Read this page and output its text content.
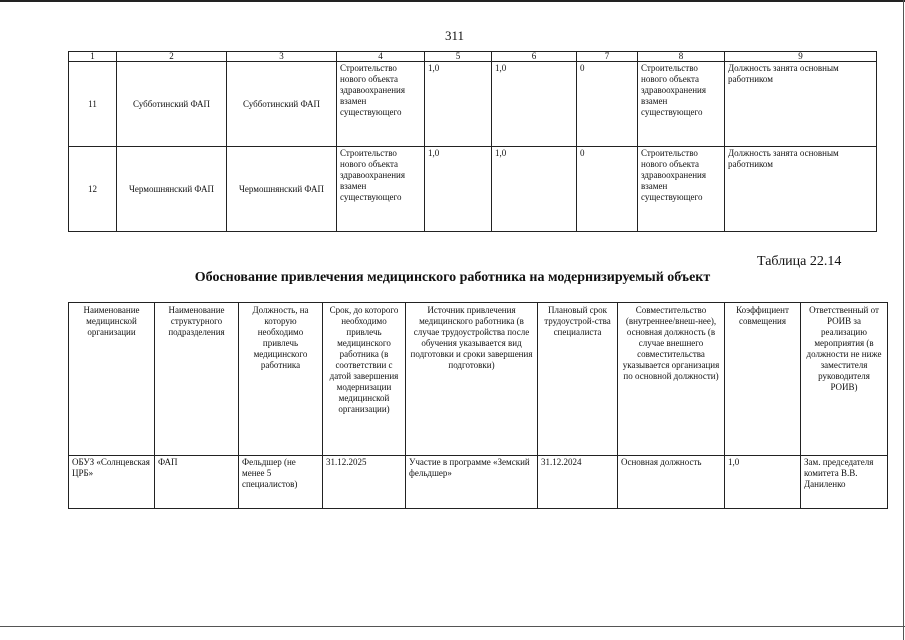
311
1	2	3	4	5	6	7	8	9
11	Субботинский ФАП	Субботинский ФАП	Строительство нового объекта здравоохранения взамен существующего	1,0	1,0	0	Строительство нового объекта здравоохранения взамен существующего	Должность занята основным работником
12	Чермошнянский ФАП	Чермошнянский ФАП	Строительство нового объекта здравоохранения взамен существующего	1,0	1,0	0	Строительство нового объекта здравоохранения взамен существующего	Должность занята основным работником
Таблица 22.14
Обоснование привлечения медицинского работника на модернизируемый объект
Наименование медицинской организации	Наименование структурного подразделения	Должность, на которую необходимо привлечь медицинского работника	Срок, до которого необходимо привлечь медицинского работника (в соответствии с датой завершения модернизации медицинской организации)	Источник привлечения медицинского работника (в случае трудоустройства после обучения указывается вид подготовки и сроки завершения подготовки)	Плановый срок трудоустрой-ства специалиста	Совместительство (внутреннее/внеш-нее), основная должность (в случае внешнего совместительства указывается организация по основной должности)	Коэффициент совмещения	Ответственный от РОИВ за реализацию мероприятия (в должности не ниже заместителя руководителя РОИВ)
ОБУЗ «Солнцевская ЦРБ»	ФАП	Фельдшер (не менее 5 специалистов)	31.12.2025	Участие в программе «Земский фельдшер»	31.12.2024	Основная должность	1,0	Зам. председателя комитета В.В. Даниленко
